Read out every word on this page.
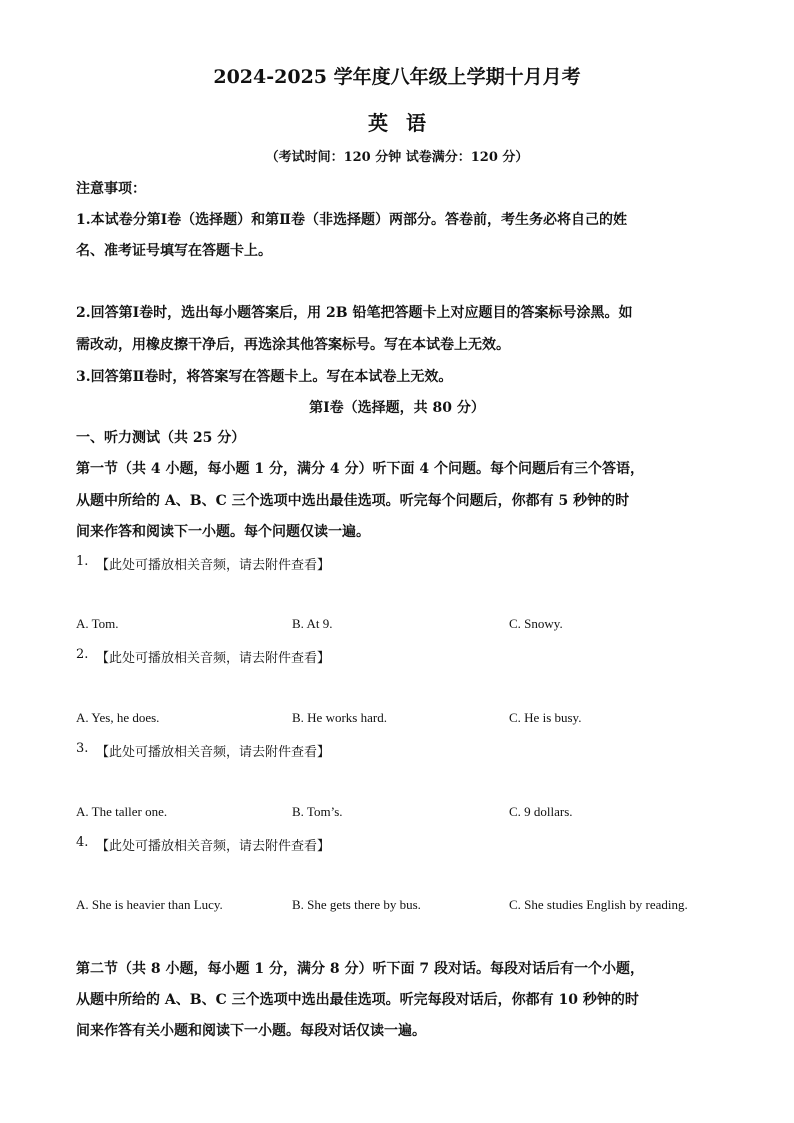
2024-2025 学年度八年级上学期十月月考
英语
（考试时间：120 分钟 试卷满分：120 分）
注意事项：
1.本试卷分第Ⅰ卷（选择题）和第Ⅱ卷（非选择题）两部分。答卷前，考生务必将自己的姓
名、准考证号填写在答题卡上。
2.回答第Ⅰ卷时，选出每小题答案后，用 2B 铅笔把答题卡上对应题目的答案标号涂黑。如
需改动，用橡皮擦干净后，再选涂其他答案标号。写在本试卷上无效。
3.回答第Ⅱ卷时，将答案写在答题卡上。写在本试卷上无效。
第Ⅰ卷（选择题，共 80 分）
一、听力测试（共 25 分）
第一节（共 4 小题，每小题 1 分，满分 4 分）听下面 4 个问题。每个问题后有三个答语，
从题中所给的 A、B、C 三个选项中选出最佳选项。听完每个问题后，你都有 5 秒钟的时
间来作答和阅读下一小题。每个问题仅读一遍。
1. 【此处可播放相关音频，请去附件查看】
A. Tom.	B. At 9.	C. Snowy.
2. 【此处可播放相关音频，请去附件查看】
A. Yes, he does.	B. He works hard.	C. He is busy.
3. 【此处可播放相关音频，请去附件查看】
A. The taller one.	B. Tom’s.	C. 9 dollars.
4. 【此处可播放相关音频，请去附件查看】
A. She is heavier than Lucy.	B. She gets there by bus.	C. She studies English by reading.
第二节（共 8 小题，每小题 1 分，满分 8 分）听下面 7 段对话。每段对话后有一个小题，
从题中所给的 A、B、C 三个选项中选出最佳选项。听完每段对话后，你都有 10 秒钟的时
间来作答有关小题和阅读下一小题。每段对话仅读一遍。
